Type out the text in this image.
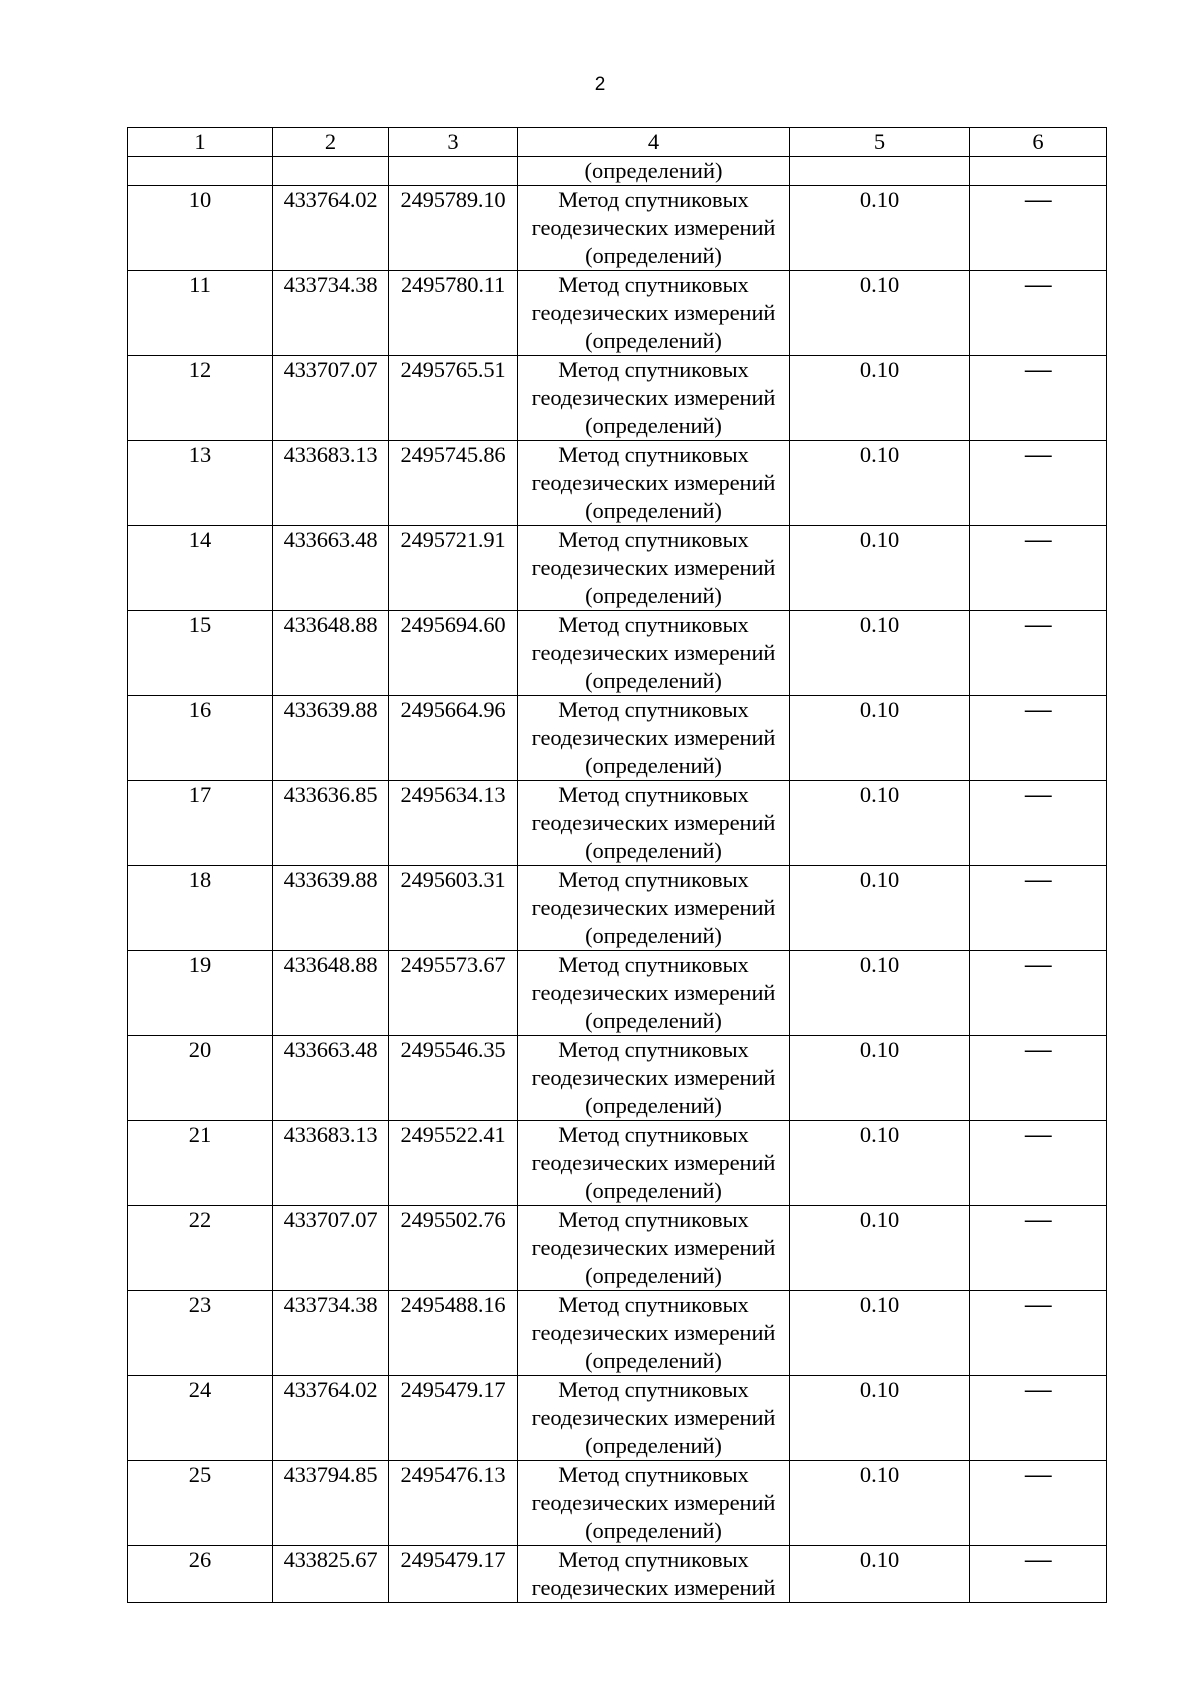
2
1	2	3	4	5	6

			(определений)		

10	433764.02	2495789.10	Метод спутниковых
геодезических измерений
(определений)	0.10	—
11	433734.38	2495780.11	Метод спутниковых
геодезических измерений
(определений)	0.10	—
12	433707.07	2495765.51	Метод спутниковых
геодезических измерений
(определений)	0.10	—
13	433683.13	2495745.86	Метод спутниковых
геодезических измерений
(определений)	0.10	—
14	433663.48	2495721.91	Метод спутниковых
геодезических измерений
(определений)	0.10	—
15	433648.88	2495694.60	Метод спутниковых
геодезических измерений
(определений)	0.10	—
16	433639.88	2495664.96	Метод спутниковых
геодезических измерений
(определений)	0.10	—
17	433636.85	2495634.13	Метод спутниковых
геодезических измерений
(определений)	0.10	—
18	433639.88	2495603.31	Метод спутниковых
геодезических измерений
(определений)	0.10	—
19	433648.88	2495573.67	Метод спутниковых
геодезических измерений
(определений)	0.10	—
20	433663.48	2495546.35	Метод спутниковых
геодезических измерений
(определений)	0.10	—
21	433683.13	2495522.41	Метод спутниковых
геодезических измерений
(определений)	0.10	—
22	433707.07	2495502.76	Метод спутниковых
геодезических измерений
(определений)	0.10	—
23	433734.38	2495488.16	Метод спутниковых
геодезических измерений
(определений)	0.10	—
24	433764.02	2495479.17	Метод спутниковых
геодезических измерений
(определений)	0.10	—
25	433794.85	2495476.13	Метод спутниковых
геодезических измерений
(определений)	0.10	—
26	433825.67	2495479.17	Метод спутниковых
геодезических измерений	0.10	—
